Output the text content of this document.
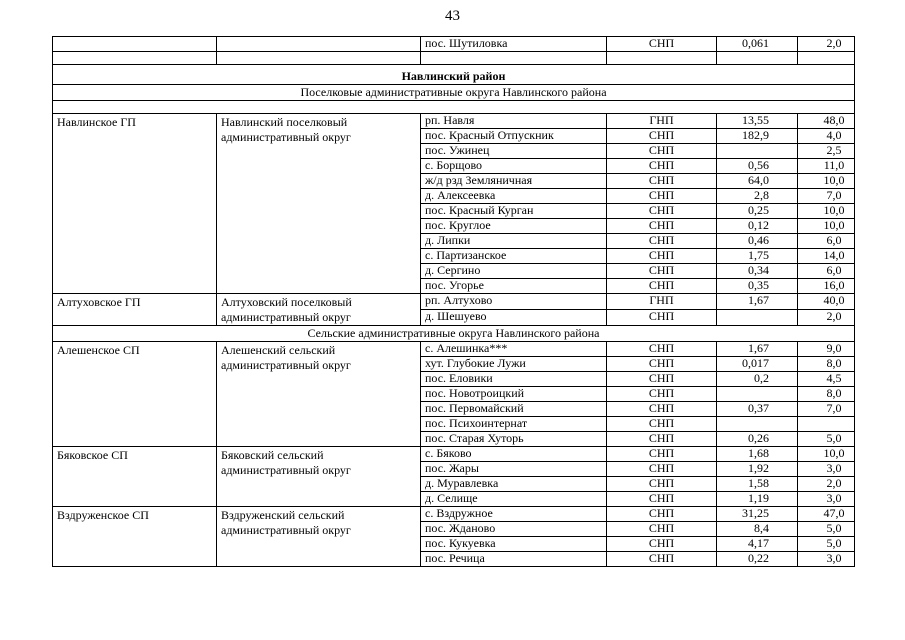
43
		пос. Шутиловка	СНП	0,061	2,0

Навлинский район					
Поселковые административные округа Навлинского района					

Навлинское ГП	Навлинский поселковый административный округ	рп. Навля	ГНП	13,55	48,0
		пос. Красный Отпускник	СНП	182,9	4,0
		пос. Ужинец	СНП		2,5
		с. Борщово	СНП	0,56	11,0
		ж/д рзд Земляничная	СНП	64,0	10,0
		д. Алексеевка	СНП	2,8	7,0
		пос. Красный Курган	СНП	0,25	10,0
		пос. Круглое	СНП	0,12	10,0
		д. Липки	СНП	0,46	6,0
		с. Партизанское	СНП	1,75	14,0
		д. Сергино	СНП	0,34	6,0
		пос. Угорье	СНП	0,35	16,0
Алтуховское ГП	Алтуховский поселковый административный округ	рп. Алтухово	ГНП	1,67	40,0
		д. Шешуево	СНП		2,0
Сельские административные округа Навлинского района					
Алешенское СП	Алешенский сельский административный округ	с. Алешинка***	СНП	1,67	9,0
		хут. Глубокие Лужи	СНП	0,017	8,0
		пос. Еловики	СНП	0,2	4,5
		пос. Новотроицкий	СНП		8,0
		пос. Первомайский	СНП	0,37	7,0
		пос. Психоинтернат	СНП		
		пос. Старая Хуторь	СНП	0,26	5,0
Бяковское СП	Бяковский сельский административный округ	с. Бяково	СНП	1,68	10,0
		пос. Жары	СНП	1,92	3,0
		д. Муравлевка	СНП	1,58	2,0
		д. Селище	СНП	1,19	3,0
Вздруженское СП	Вздруженский сельский административный округ	с. Вздружное	СНП	31,25	47,0
		пос. Жданово	СНП	8,4	5,0
		пос. Кукуевка	СНП	4,17	5,0
		пос. Речица	СНП	0,22	3,0
